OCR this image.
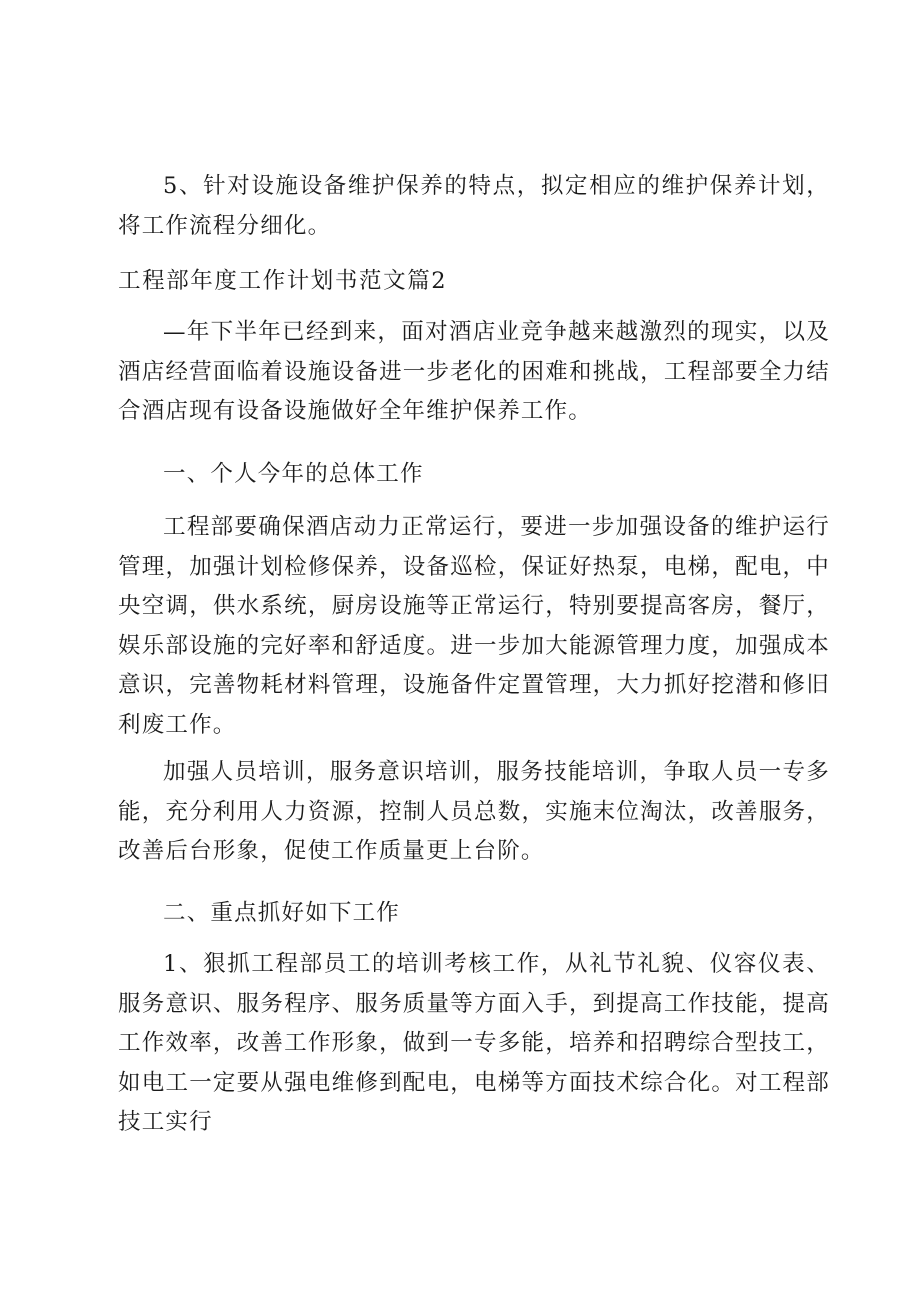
5、针对设施设备维护保养的特点，拟定相应的维护保养计划，将工作流程分细化。

工程部年度工作计划书范文篇2

—年下半年已经到来，面对酒店业竞争越来越激烈的现实，以及酒店经营面临着设施设备进一步老化的困难和挑战，工程部要全力结合酒店现有设备设施做好全年维护保养工作。

一、个人今年的总体工作

工程部要确保酒店动力正常运行，要进一步加强设备的维护运行管理，加强计划检修保养，设备巡检，保证好热泵，电梯，配电，中央空调，供水系统，厨房设施等正常运行，特别要提高客房，餐厅，娱乐部设施的完好率和舒适度。进一步加大能源管理力度，加强成本意识，完善物耗材料管理，设施备件定置管理，大力抓好挖潜和修旧利废工作。

加强人员培训，服务意识培训，服务技能培训，争取人员一专多能，充分利用人力资源，控制人员总数，实施末位淘汰，改善服务，改善后台形象，促使工作质量更上台阶。

二、重点抓好如下工作

1、狠抓工程部员工的培训考核工作，从礼节礼貌、仪容仪表、服务意识、服务程序、服务质量等方面入手，到提高工作技能，提高工作效率，改善工作形象，做到一专多能，培养和招聘综合型技工，如电工一定要从强电维修到配电，电梯等方面技术综合化。对工程部技工实行
